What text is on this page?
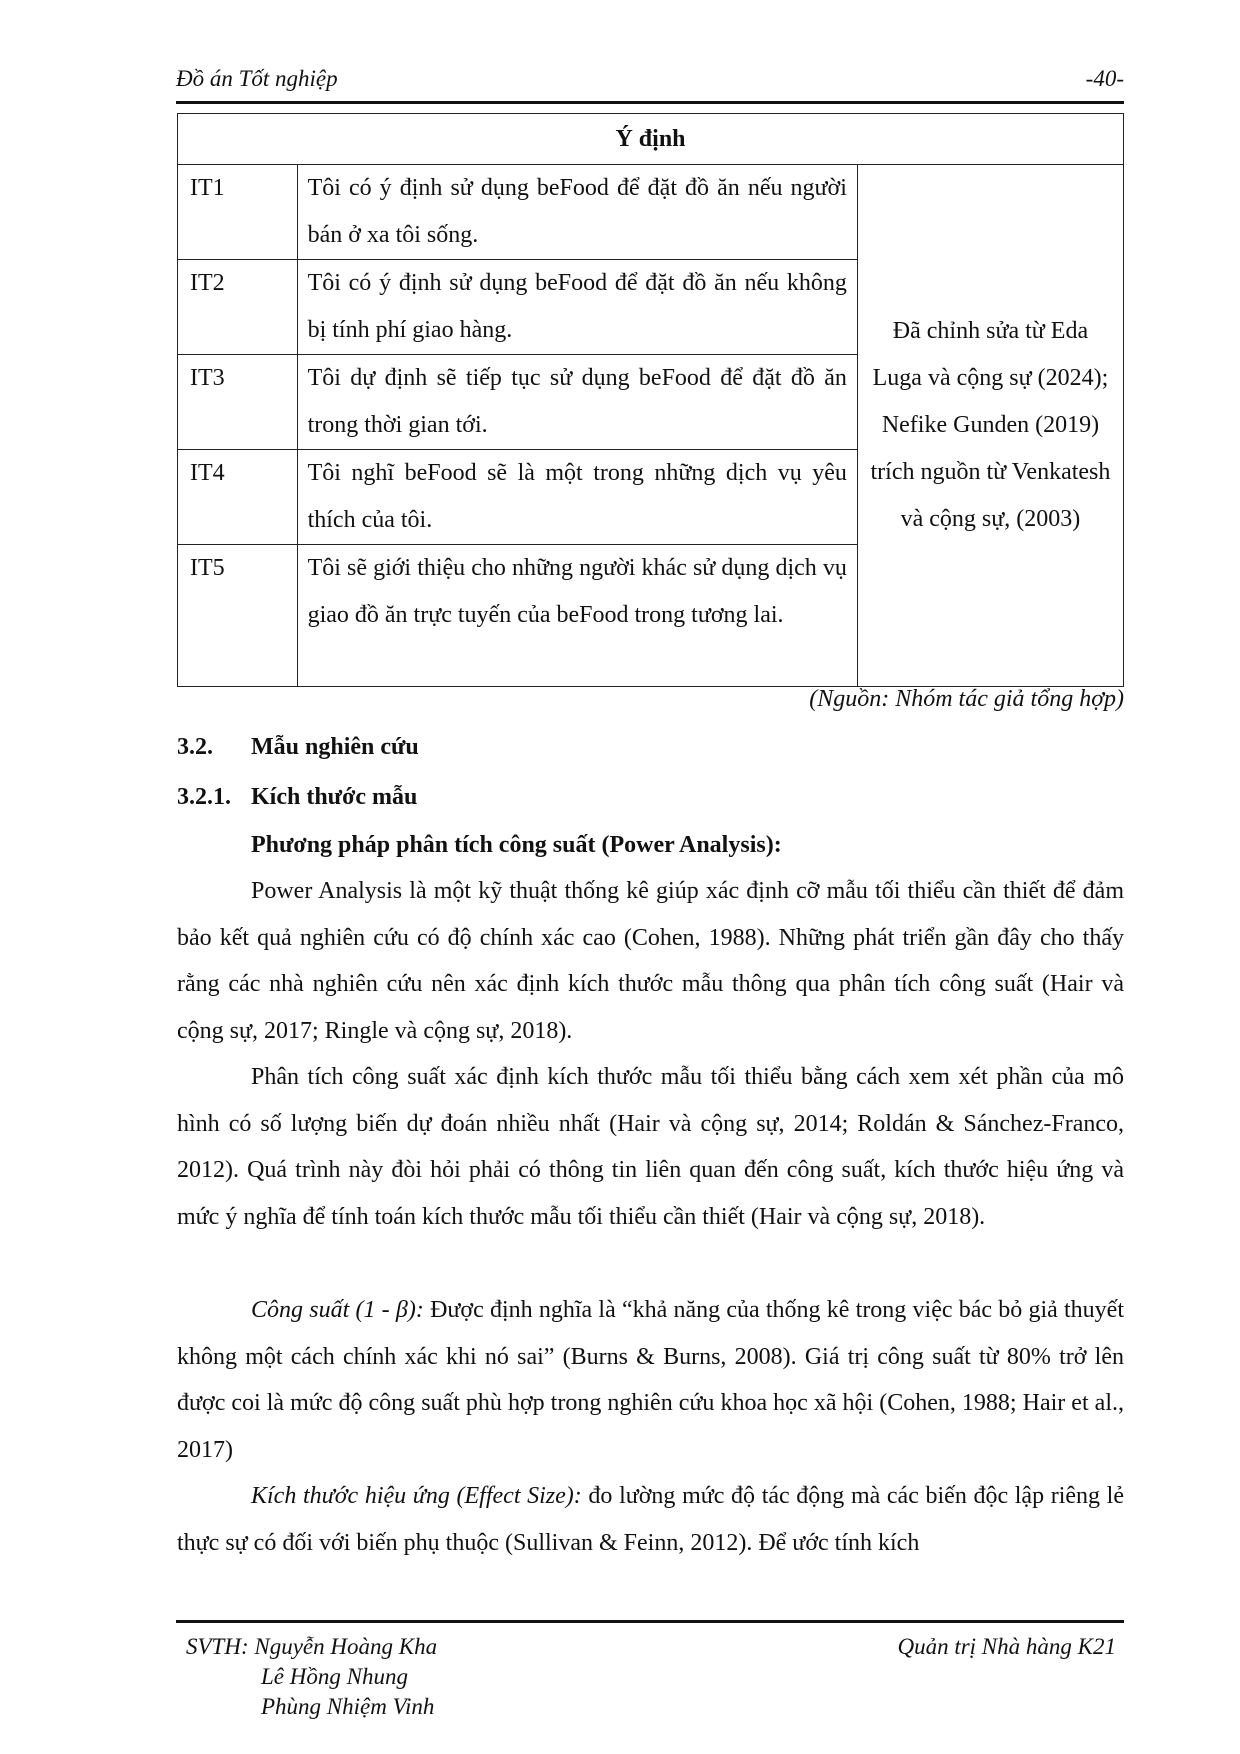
Đồ án Tốt nghiệp	-40-
Ý định		
IT1	Tôi có ý định sử dụng beFood để đặt đồ ăn nếu người bán ở xa tôi sống.	Đã chỉnh sửa từ Eda Luga và cộng sự (2024); Nefike Gunden (2019) trích nguồn từ Venkatesh và cộng sự, (2003)
IT2	Tôi có ý định sử dụng beFood để đặt đồ ăn nếu không bị tính phí giao hàng.	
IT3	Tôi dự định sẽ tiếp tục sử dụng beFood để đặt đồ ăn trong thời gian tới.	
IT4	Tôi nghĩ beFood sẽ là một trong những dịch vụ yêu thích của tôi.	
IT5	Tôi sẽ giới thiệu cho những người khác sử dụng dịch vụ giao đồ ăn trực tuyến của beFood trong tương lai.	
(Nguồn: Nhóm tác giả tổng hợp)
3.2. Mẫu nghiên cứu
3.2.1. Kích thước mẫu
Phương pháp phân tích công suất (Power Analysis):

Power Analysis là một kỹ thuật thống kê giúp xác định cỡ mẫu tối thiểu cần thiết để đảm bảo kết quả nghiên cứu có độ chính xác cao (Cohen, 1988). Những phát triển gần đây cho thấy rằng các nhà nghiên cứu nên xác định kích thước mẫu thông qua phân tích công suất (Hair và cộng sự, 2017; Ringle và cộng sự, 2018).

Phân tích công suất xác định kích thước mẫu tối thiểu bằng cách xem xét phần của mô hình có số lượng biến dự đoán nhiều nhất (Hair và cộng sự, 2014; Roldán & Sánchez-Franco, 2012). Quá trình này đòi hỏi phải có thông tin liên quan đến công suất, kích thước hiệu ứng và mức ý nghĩa để tính toán kích thước mẫu tối thiểu cần thiết (Hair và cộng sự, 2018).

Công suất (1 - β): Được định nghĩa là “khả năng của thống kê trong việc bác bỏ giả thuyết không một cách chính xác khi nó sai” (Burns & Burns, 2008). Giá trị công suất từ 80% trở lên được coi là mức độ công suất phù hợp trong nghiên cứu khoa học xã hội (Cohen, 1988; Hair et al., 2017)

Kích thước hiệu ứng (Effect Size): đo lường mức độ tác động mà các biến độc lập riêng lẻ thực sự có đối với biến phụ thuộc (Sullivan & Feinn, 2012). Để ước tính kích

SVTH: Nguyễn Hoàng Kha
Lê Hồng Nhung
Phùng Nhiệm Vinh
Quản trị Nhà hàng K21
